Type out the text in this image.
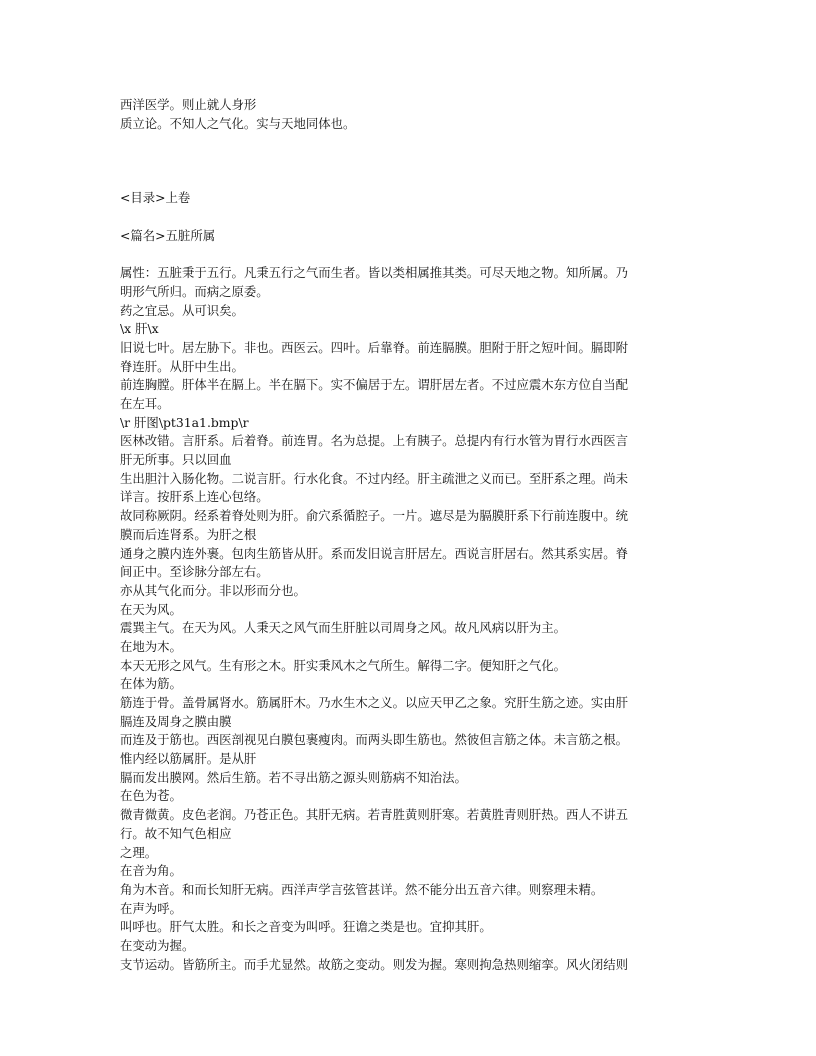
西洋医学。则止就人身形
质立论。不知人之气化。实与天地同体也。
<目录>上卷
<篇名>五脏所属
属性：五脏秉于五行。凡秉五行之气而生者。皆以类相属推其类。可尽天地之物。知所属。乃
明形气所归。而病之原委。
药之宜忌。从可识矣。
\x 肝\x
旧说七叶。居左胁下。非也。西医云。四叶。后靠脊。前连膈膜。胆附于肝之短叶间。膈即附
脊连肝。从肝中生出。
前连胸膛。肝体半在膈上。半在膈下。实不偏居于左。谓肝居左者。不过应震木东方位自当配
在左耳。
\r 肝图\pt31a1.bmp\r
医林改错。言肝系。后着脊。前连胃。名为总提。上有胰子。总提内有行水管为胃行水西医言
肝无所事。只以回血
生出胆汁入肠化物。二说言肝。行水化食。不过内经。肝主疏泄之义而已。至肝系之理。尚未
详言。按肝系上连心包络。
故同称厥阴。经系着脊处则为肝。俞穴系循腔子。一片。遮尽是为膈膜肝系下行前连腹中。统
膜而后连肾系。为肝之根
通身之膜内连外裹。包肉生筋皆从肝。系而发旧说言肝居左。西说言肝居右。然其系实居。脊
间正中。至诊脉分部左右。
亦从其气化而分。非以形而分也。
在天为风。
震巽主气。在天为风。人秉天之风气而生肝脏以司周身之风。故凡风病以肝为主。
在地为木。
本天无形之风气。生有形之木。肝实秉风木之气所生。解得二字。便知肝之气化。
在体为筋。
筋连于骨。盖骨属肾水。筋属肝木。乃水生木之义。以应天甲乙之象。究肝生筋之迹。实由肝
膈连及周身之膜由膜
而连及于筋也。西医剖视见白膜包裹瘦肉。而两头即生筋也。然彼但言筋之体。未言筋之根。
惟内经以筋属肝。是从肝
膈而发出膜网。然后生筋。若不寻出筋之源头则筋病不知治法。
在色为苍。
微青微黄。皮色老润。乃苍正色。其肝无病。若青胜黄则肝寒。若黄胜青则肝热。西人不讲五
行。故不知气色相应
之理。
在音为角。
角为木音。和而长知肝无病。西洋声学言弦管甚详。然不能分出五音六律。则察理未精。
在声为呼。
叫呼也。肝气太胜。和长之音变为叫呼。狂谵之类是也。宜抑其肝。
在变动为握。
支节运动。皆筋所主。而手尤显然。故筋之变动。则发为握。寒则拘急热则缩挛。风火闭结则
